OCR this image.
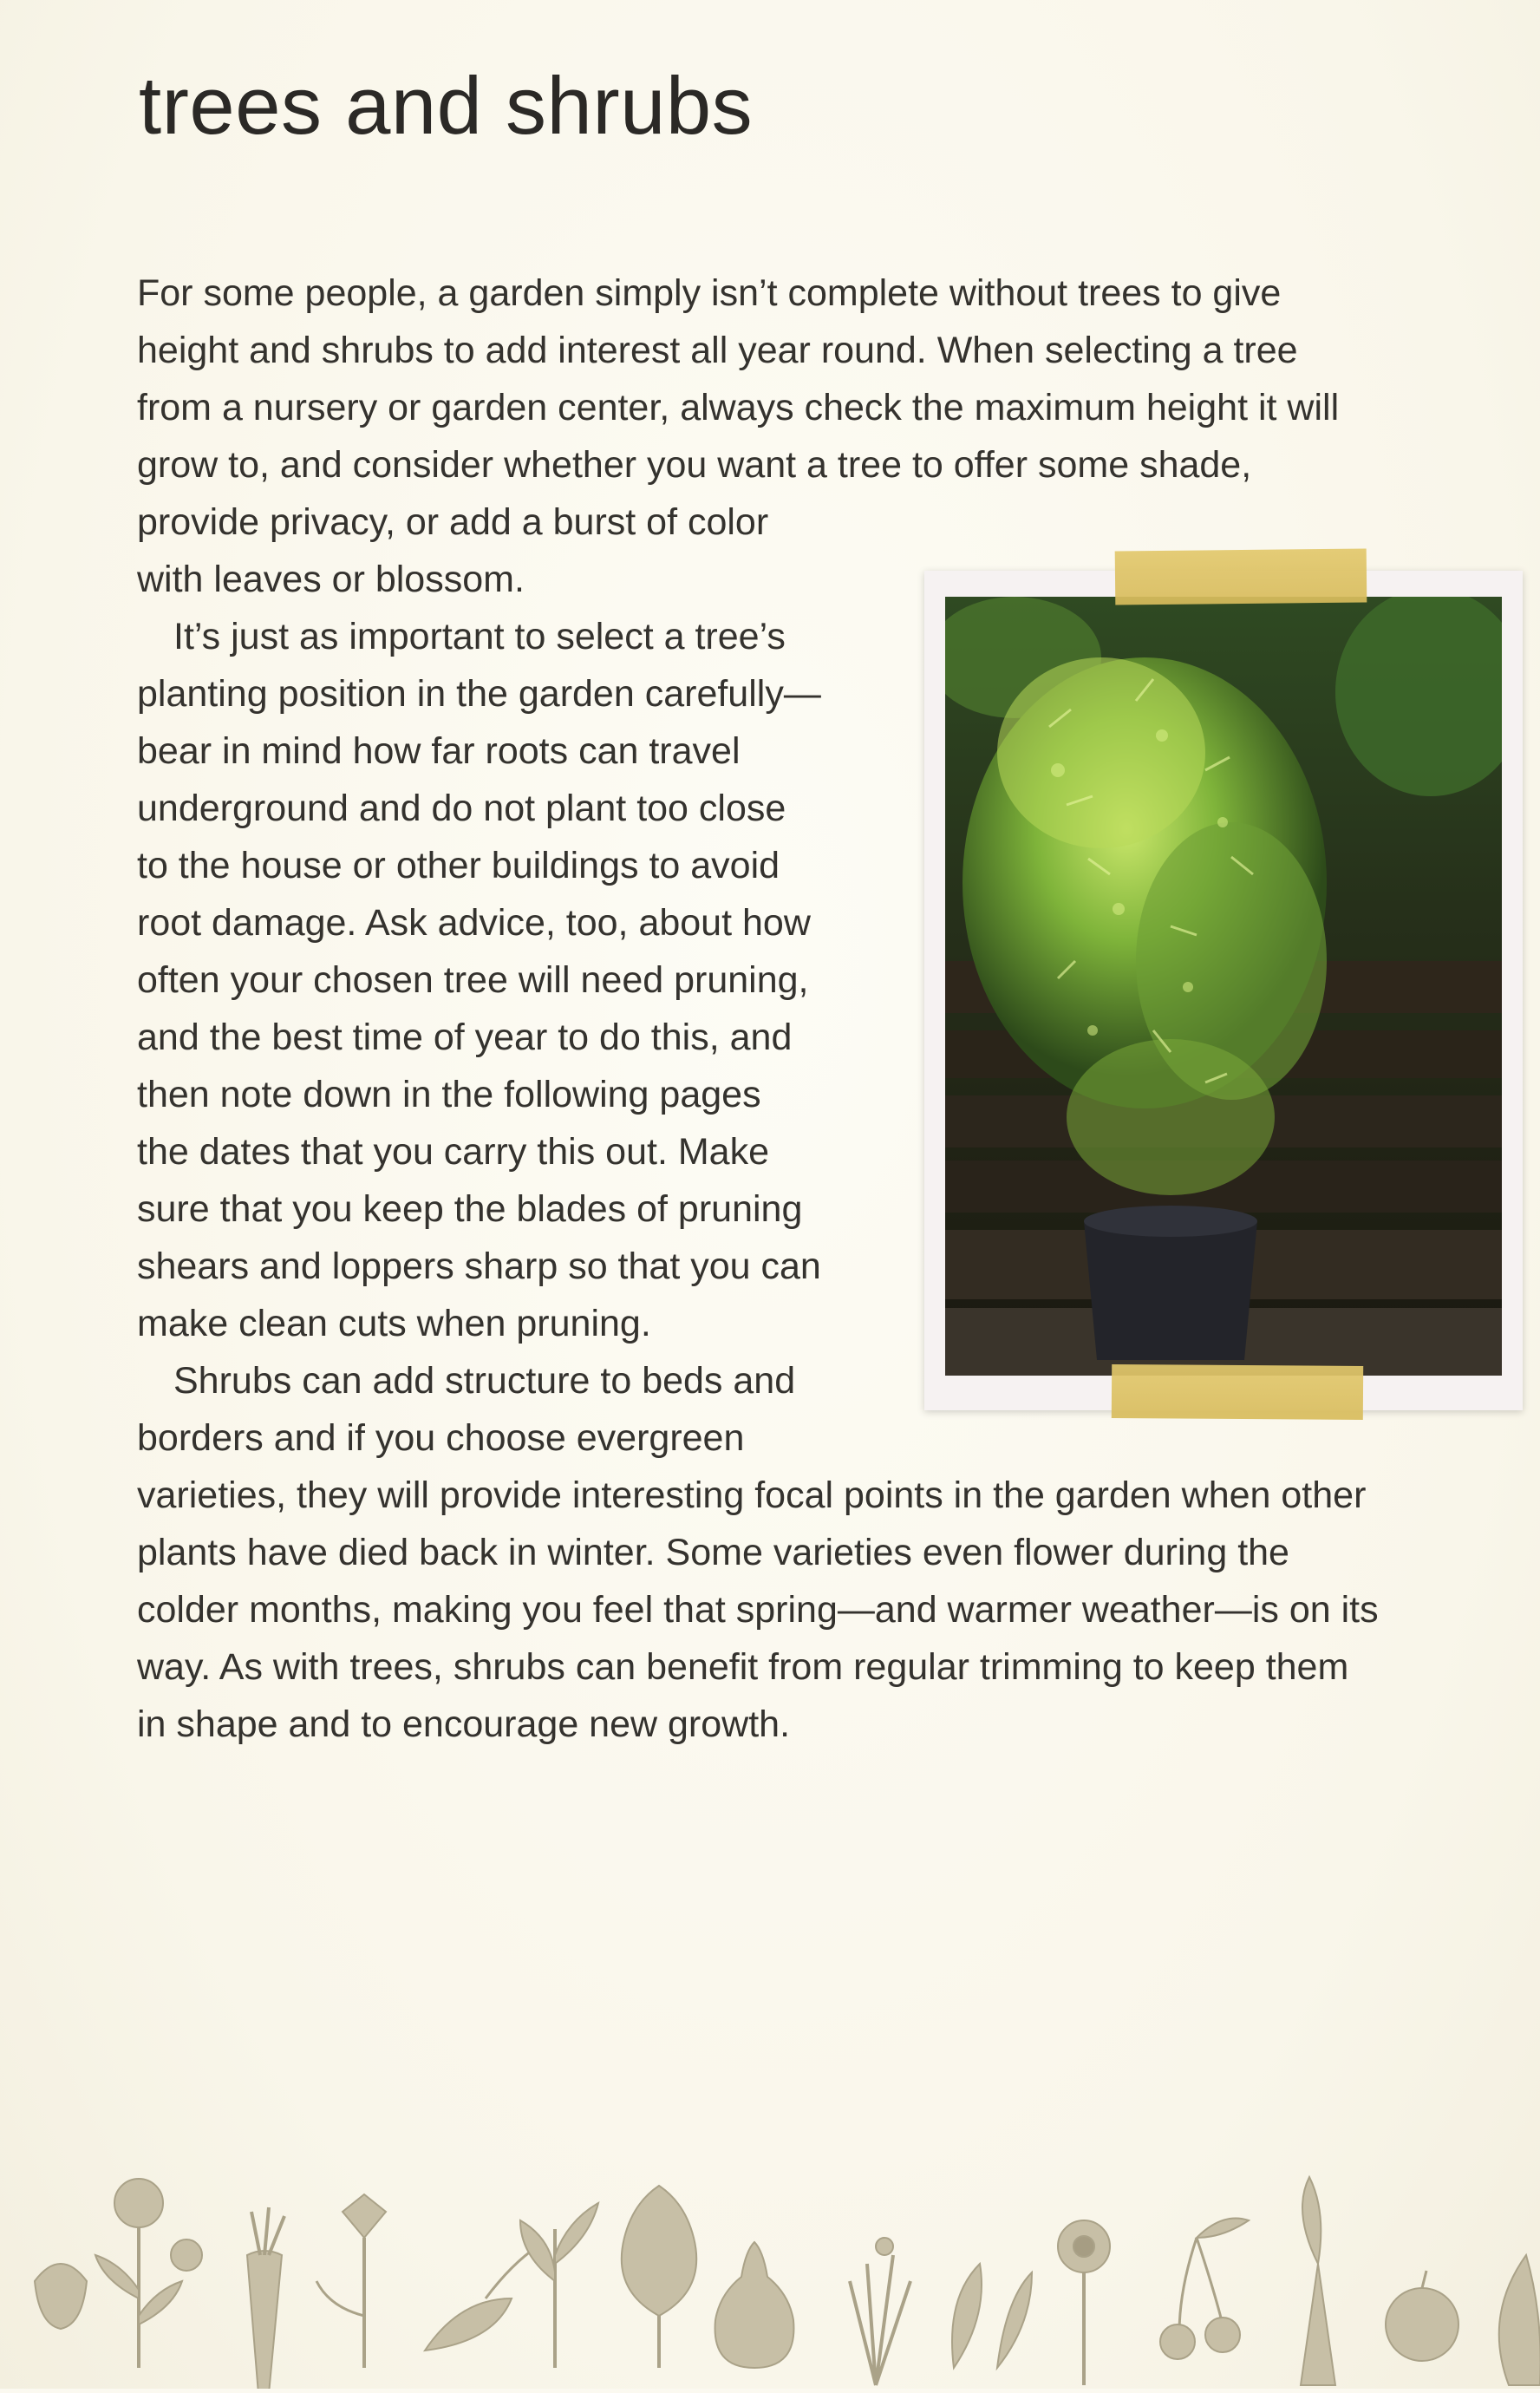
trees and shrubs
For some people, a garden simply isn’t complete without trees to give
height and shrubs to add interest all year round. When selecting a tree
from a nursery or garden center, always check the maximum height it will
grow to, and consider whether you want a tree to offer some shade,
provide privacy, or add a burst of color
with leaves or blossom.
It’s just as important to select a tree’s
planting position in the garden carefully—
bear in mind how far roots can travel
underground and do not plant too close
to the house or other buildings to avoid
root damage. Ask advice, too, about how
often your chosen tree will need pruning,
and the best time of year to do this, and
then note down in the following pages
the dates that you carry this out. Make
sure that you keep the blades of pruning
shears and loppers sharp so that you can
make clean cuts when pruning.
Shrubs can add structure to beds and
borders and if you choose evergreen
varieties, they will provide interesting focal points in the garden when other
plants have died back in winter. Some varieties even flower during the
colder months, making you feel that spring—and warmer weather—is on its
way. As with trees, shrubs can benefit from regular trimming to keep them
in shape and to encourage new growth.
